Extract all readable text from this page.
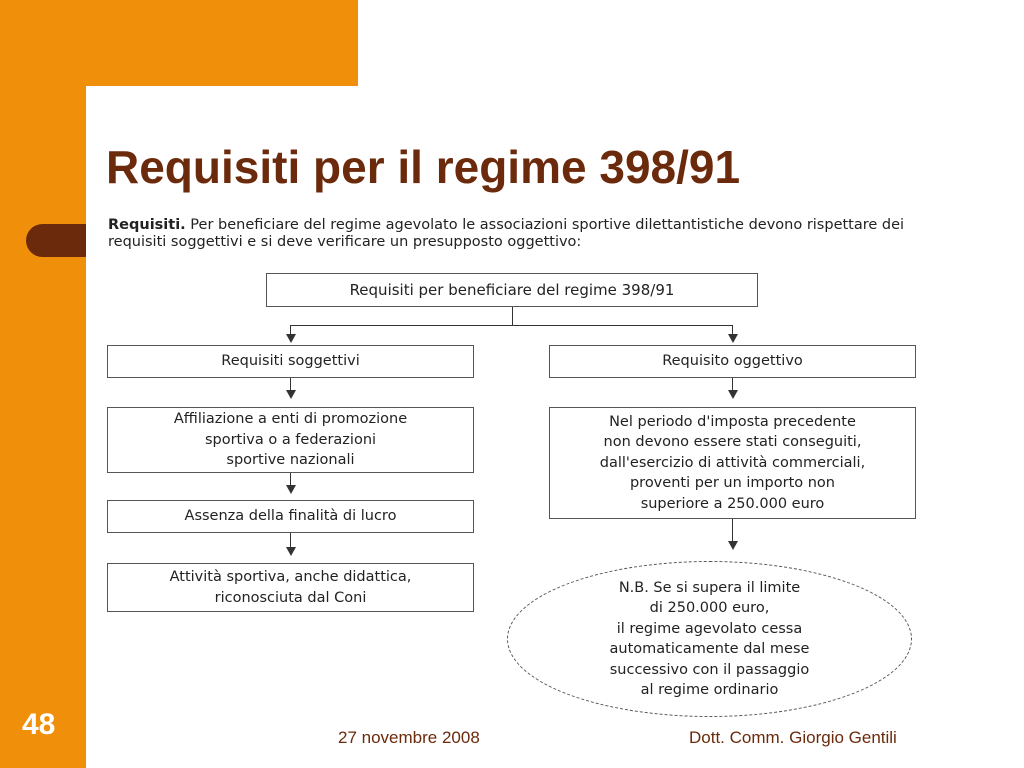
Requisiti per il regime 398/91
Requisiti. Per beneficiare del regime agevolato le associazioni sportive dilettantistiche devono rispettare dei requisiti soggettivi e si deve verificare un presupposto oggettivo:
Requisiti per beneficiare del regime 398/91
Requisiti soggettivi
Affiliazione a enti di promozione
sportiva o a federazioni
sportive nazionali
Assenza della finalità di lucro
Attività sportiva, anche didattica,
riconosciuta dal Coni
Requisito oggettivo
Nel periodo d'imposta precedente
non devono essere stati conseguiti,
dall'esercizio di attività commerciali,
proventi per un importo non
superiore a 250.000 euro
N.B. Se si supera il limite
di 250.000 euro,
il regime agevolato cessa
automaticamente dal mese
successivo con il passaggio
al regime ordinario
48	27 novembre 2008	Dott. Comm. Giorgio Gentili
